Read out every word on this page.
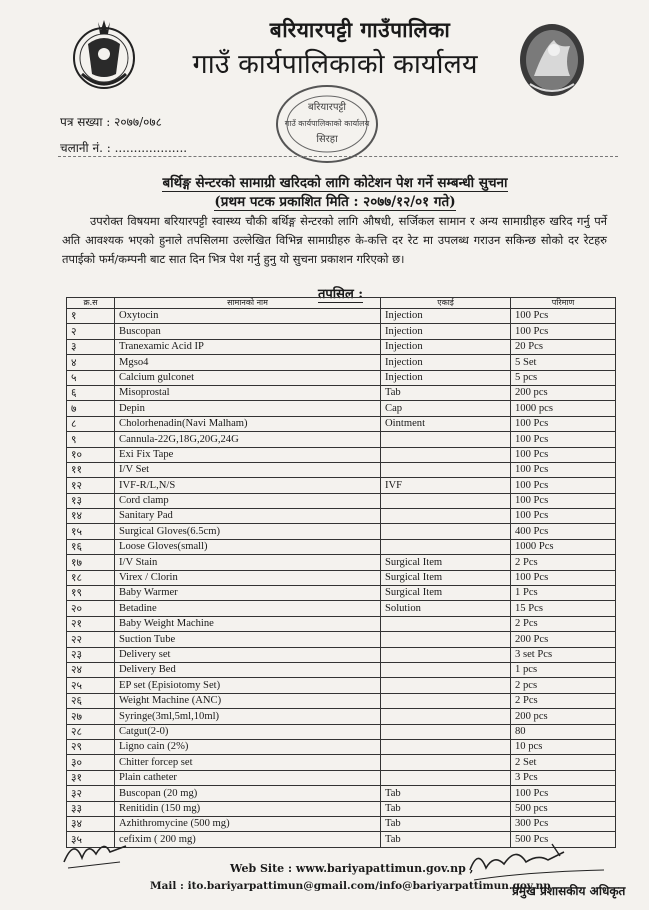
बरियारपट्टी गाउँपालिका
गाउँ कार्यपालिकाको कार्यालय
बरियारपट्टी
गाउँ कार्यपालिकाको कार्यालय
सिरहा
पत्र सख्या : २०७७/०७८
चलानी नं. : ...................
बर्थिङ्ग सेन्टरको सामाग्री खरिदको लागि कोटेशन पेश गर्ने सम्बन्धी सुचना
(प्रथम पटक प्रकाशित मिति : २०७७/१२/०१ गते)
उपरोक्त विषयमा बरियारपट्टी स्वास्थ्य चौकी बर्थिङ्ग सेन्टरको लागि औषधी, सर्जिकल सामान र अन्य सामाग्रीहरु खरिद गर्नु पर्ने अति आवश्यक भएको हुनाले तपसिलमा उल्लेखित विभिन्न सामाग्रीहरु के-कत्ति दर रेट मा उपलब्ध गराउन सकिन्छ सोको दर रेटहरु तपाईको फर्म/कम्पनी बाट सात दिन भित्र पेश गर्नु हुनु यो सुचना प्रकाशन गरिएको छ।
तपसिल :
क्र.स	सामानको नाम	एकाई	परिमाण
१	Oxytocin	Injection	100 Pcs
२	Buscopan	Injection	100 Pcs
३	Tranexamic Acid IP	Injection	20 Pcs
४	Mgso4	Injection	5 Set
५	Calcium gulconet	Injection	5 pcs
६	Misoprostal	Tab	200 pcs
७	Depin	Cap	1000 pcs
८	Cholorhenadin(Navi Malham)	Ointment	100 Pcs
९	Cannula-22G,18G,20G,24G		100 Pcs
१०	Exi Fix Tape		100 Pcs
११	I/V Set		100 Pcs
१२	IVF-R/L,N/S	IVF	100 Pcs
१३	Cord clamp		100 Pcs
१४	Sanitary Pad		100 Pcs
१५	Surgical Gloves(6.5cm)		400 Pcs
१६	Loose Gloves(small)		1000 Pcs
१७	I/V Stain	Surgical Item	2 Pcs
१८	Virex / Clorin	Surgical Item	100 Pcs
१९	Baby Warmer	Surgical Item	1 Pcs
२०	Betadine	Solution	15 Pcs
२१	Baby Weight Machine		2 Pcs
२२	Suction Tube		200 Pcs
२३	Delivery set		3 set Pcs
२४	Delivery Bed		1 pcs
२५	EP set (Episiotomy Set)		2 pcs
२६	Weight Machine (ANC)		2 Pcs
२७	Syringe(3ml,5ml,10ml)		200 pcs
२८	Catgut(2-0)		80
२९	Ligno cain (2%)		10 pcs
३०	Chitter forcep set		2 Set
३१	Plain catheter		3 Pcs
३२	Buscopan (20 mg)	Tab	100 Pcs
३३	Renitidin (150 mg)	Tab	500 pcs
३४	Azhithromycine (500 mg)	Tab	300 Pcs
३५	cefixim ( 200 mg)	Tab	500 Pcs
Web Site : www.bariyapattimun.gov.np ,
Mail : ito.bariyarpattimun@gmail.com/info@bariyarpattimun.gov.np
प्रमुख प्रशासकीय अधिकृत
